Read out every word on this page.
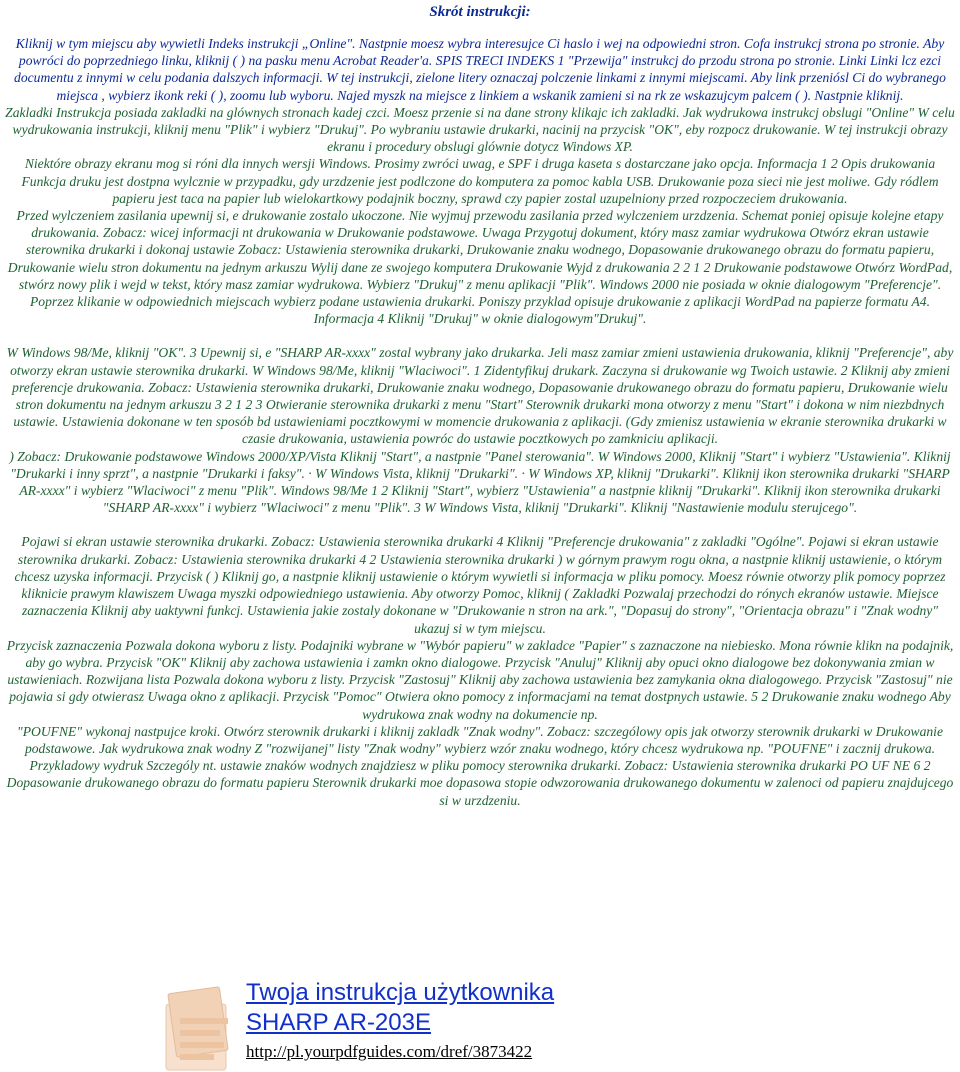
Skrót instrukcji:

Kliknij w tym miejscu aby wywietli Indeks instrukcji „Online". Nastpnie moesz wybra interesujce Ci haslo i wej na odpowiedni stron. Cofa instrukcj strona po stronie. Aby powróci do poprzedniego linku, kliknij ( ) na pasku menu Acrobat Reader'a. SPIS TRECI INDEKS 1 "Przewija" instrukcj do przodu strona po stronie. Linki Linki lcz ezci documentu z innymi w celu podania dalszych informacji. W tej instrukcji, zielone litery oznaczaj polczenie linkami z innymi miejscami. Aby link przeniósl Ci do wybranego miejsca , wybierz ikonk reki ( ), zoomu lub wyboru. Najed myszk na miejsce z linkiem a wskanik zamieni si na rk ze wskazujcym palcem ( ). Nastpnie kliknij.

Zakladki Instrukcja posiada zakladki na glównych stronach kadej czci. Moesz przenie si na dane strony klikajc ich zakladki. Jak wydrukowa instrukcj obslugi "Online" W celu wydrukowania instrukcji, kliknij menu "Plik" i wybierz "Drukuj". Po wybraniu ustawie drukarki, nacinij na przycisk "OK", eby rozpocz drukowanie. W tej instrukcji obrazy ekranu i procedury obslugi glównie dotycz Windows XP.

Niektóre obrazy ekranu mog si róni dla innych wersji Windows. Prosimy zwróci uwag, e SPF i druga kaseta s dostarczane jako opcja. Informacja 1 2 Opis drukowania Funkcja druku jest dostpna wylcznie w przypadku, gdy urzdzenie jest podlczone do komputera za pomoc kabla USB. Drukowanie poza sieci nie jest moliwe. Gdy ródlem papieru jest taca na papier lub wielokartkowy podajnik boczny, sprawd czy papier zostal uzupelniony przed rozpoczeciem drukowania.

Przed wylczeniem zasilania upewnij si, e drukowanie zostalo ukoczone. Nie wyjmuj przewodu zasilania przed wylczeniem urzdzenia. Schemat poniej opisuje kolejne etapy drukowania. Zobacz: wicej informacji nt drukowania w Drukowanie podstawowe. Uwaga Przygotuj dokument, który masz zamiar wydrukowa Otwórz ekran ustawie sterownika drukarki i dokonaj ustawie Zobacz: Ustawienia sterownika drukarki, Drukowanie znaku wodnego, Dopasowanie drukowanego obrazu do formatu papieru, Drukowanie wielu stron dokumentu na jednym arkuszu Wylij dane ze swojego komputera Drukowanie Wyjd z drukowania 2 2 1 2 Drukowanie podstawowe Otwórz WordPad, stwórz nowy plik i wejd w tekst, który masz zamiar wydrukowa. Wybierz "Drukuj" z menu aplikacji "Plik". Windows 2000 nie posiada w oknie dialogowym "Preferencje". Poprzez klikanie w odpowiednich miejscach wybierz podane ustawienia drukarki. Poniszy przyklad opisuje drukowanie z aplikacji WordPad na papierze formatu A4. Informacja 4 Kliknij "Drukuj" w oknie dialogowym"Drukuj".

W Windows 98/Me, kliknij "OK". 3 Upewnij si, e "SHARP AR-xxxx" zostal wybrany jako drukarka. Jeli masz zamiar zmieni ustawienia drukowania, kliknij "Preferencje", aby otworzy ekran ustawie sterownika drukarki. W Windows 98/Me, kliknij "Wlaciwoci". 1 Zidentyfikuj drukark. Zaczyna si drukowanie wg Twoich ustawie. 2 Kliknij aby zmieni preferencje drukowania. Zobacz: Ustawienia sterownika drukarki, Drukowanie znaku wodnego, Dopasowanie drukowanego obrazu do formatu papieru, Drukowanie wielu stron dokumentu na jednym arkuszu 3 2 1 2 3 Otwieranie sterownika drukarki z menu "Start" Sterownik drukarki mona otworzy z menu "Start" i dokona w nim niezbdnych ustawie. Ustawienia dokonane w ten sposób bd ustawieniami pocztkowymi w momencie drukowania z aplikacji. (Gdy zmienisz ustawienia w ekranie sterownika drukarki w czasie drukowania, ustawienia powróc do ustawie pocztkowych po zamkniciu aplikacji.

) Zobacz: Drukowanie podstawowe Windows 2000/XP/Vista Kliknij "Start", a nastpnie "Panel sterowania". W Windows 2000, Kliknij "Start" i wybierz "Ustawienia". Kliknij "Drukarki i inny sprzt", a nastpnie "Drukarki i faksy". · W Windows Vista, kliknij "Drukarki". · W Windows XP, kliknij "Drukarki". Kliknij ikon sterownika drukarki "SHARP AR-xxxx" i wybierz "Wlaciwoci" z menu "Plik". Windows 98/Me 1 2 Kliknij "Start", wybierz "Ustawienia" a nastpnie kliknij "Drukarki". Kliknij ikon sterownika drukarki "SHARP AR-xxxx" i wybierz "Wlaciwoci" z menu "Plik". 3 W Windows Vista, kliknij "Drukarki". Kliknij "Nastawienie modulu sterujcego".

Pojawi si ekran ustawie sterownika drukarki. Zobacz: Ustawienia sterownika drukarki 4 Kliknij "Preferencje drukowania" z zakladki "Ogólne". Pojawi si ekran ustawie sterownika drukarki. Zobacz: Ustawienia sterownika drukarki 4 2 Ustawienia sterownika drukarki ) w górnym prawym rogu okna, a nastpnie kliknij ustawienie, o którym chcesz uzyska informacji. Przycisk ( ) Kliknij go, a nastpnie kliknij ustawienie o którym wywietli si informacja w pliku pomocy. Moesz równie otworzy plik pomocy poprzez kliknicie prawym klawiszem Uwaga myszki odpowiedniego ustawienia. Aby otworzy Pomoc, kliknij ( Zakladki Pozwalaj przechodzi do rónych ekranów ustawie. Miejsce zaznaczenia Kliknij aby uaktywni funkcj. Ustawienia jakie zostaly dokonane w "Drukowanie n stron na ark.", "Dopasuj do strony", "Orientacja obrazu" i "Znak wodny" ukazuj si w tym miejscu.

Przycisk zaznaczenia Pozwala dokona wyboru z listy. Podajniki wybrane w "Wybór papieru" w zakladce "Papier" s zaznaczone na niebiesko. Mona równie klikn na podajnik, aby go wybra. Przycisk "OK" Kliknij aby zachowa ustawienia i zamkn okno dialogowe. Przycisk "Anuluj" Kliknij aby opuci okno dialogowe bez dokonywania zmian w ustawieniach. Rozwijana lista Pozwala dokona wyboru z listy. Przycisk "Zastosuj" Kliknij aby zachowa ustawienia bez zamykania okna dialogowego. Przycisk "Zastosuj" nie pojawia si gdy otwierasz Uwaga okno z aplikacji. Przycisk "Pomoc" Otwiera okno pomocy z informacjami na temat dostpnych ustawie. 5 2 Drukowanie znaku wodnego Aby wydrukowa znak wodny na dokumencie np.

"POUFNE" wykonaj nastpujce kroki. Otwórz sterownik drukarki i kliknij zakladk "Znak wodny". Zobacz: szczególowy opis jak otworzy sterownik drukarki w Drukowanie podstawowe. Jak wydrukowa znak wodny Z "rozwijanej" listy "Znak wodny" wybierz wzór znaku wodnego, który chcesz wydrukowa np. "POUFNE" i zacznij drukowa.

Przykladowy wydruk Szczególy nt. ustawie znaków wodnych znajdziesz w pliku pomocy sterownika drukarki. Zobacz: Ustawienia sterownika drukarki PO UF NE 6 2 Dopasowanie drukowanego obrazu do formatu papieru Sterownik drukarki moe dopasowa stopie odwzorowania drukowanego dokumentu w zalenoci od papieru znajdujcego si w urzdzeniu.

Twoja instrukcja użytkownika
SHARP AR-203E
http://pl.yourpdfguides.com/dref/3873422
